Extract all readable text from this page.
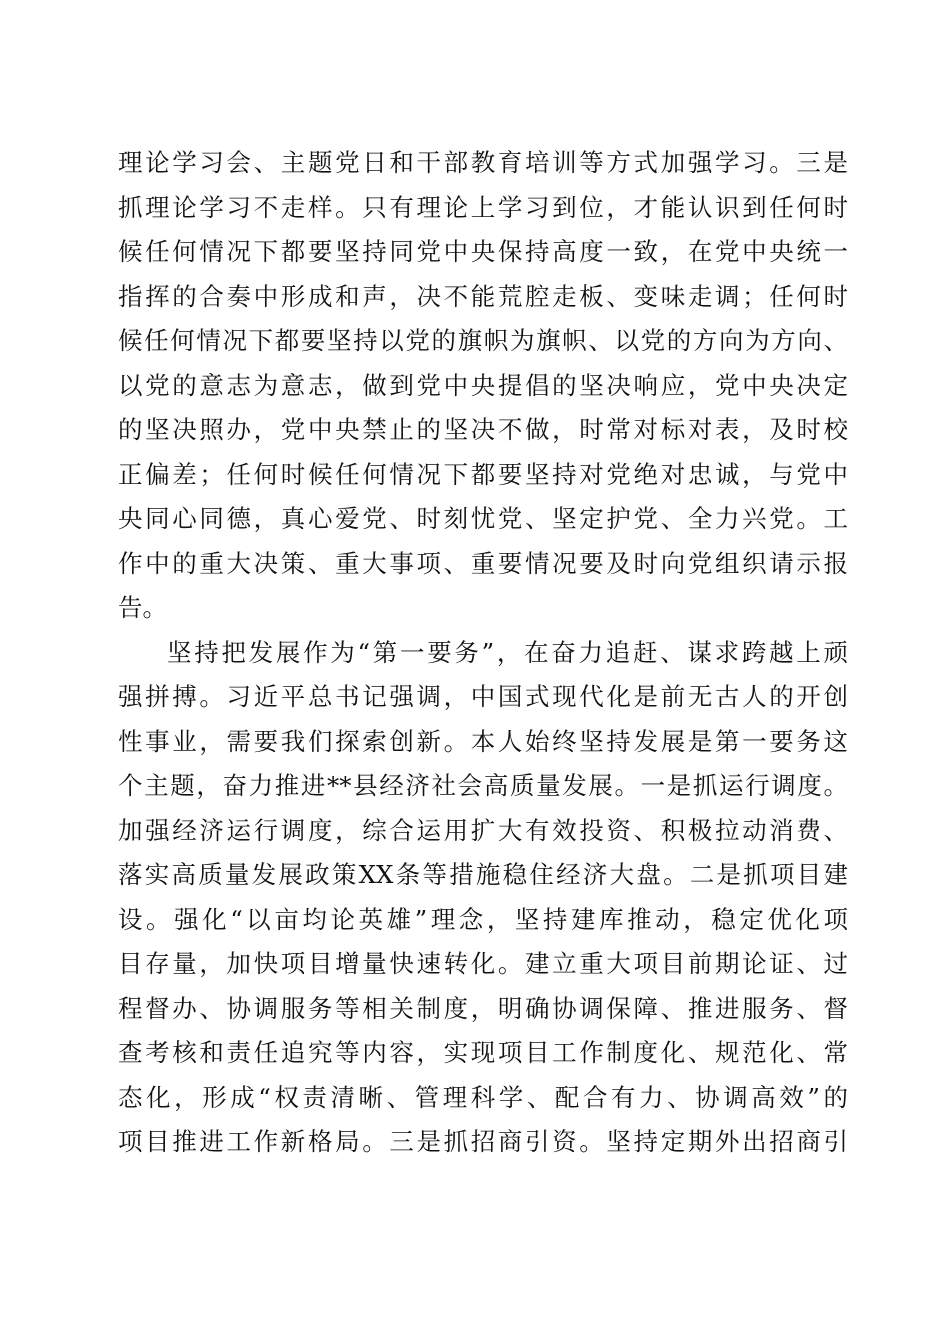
理论学习会、主题党日和干部教育培训等方式加强学习。三是
抓理论学习不走样。只有理论上学习到位，才能认识到任何时
候任何情况下都要坚持同党中央保持高度一致，在党中央统一
指挥的合奏中形成和声，决不能荒腔走板、变味走调；任何时
候任何情况下都要坚持以党的旗帜为旗帜、以党的方向为方向、
以党的意志为意志，做到党中央提倡的坚决响应，党中央决定
的坚决照办，党中央禁止的坚决不做，时常对标对表，及时校
正偏差；任何时候任何情况下都要坚持对党绝对忠诚，与党中
央同心同德，真心爱党、时刻忧党、坚定护党、全力兴党。工
作中的重大决策、重大事项、重要情况要及时向党组织请示报
告。
坚持把发展作为“第一要务”，在奋力追赶、谋求跨越上顽
强拼搏。习近平总书记强调，中国式现代化是前无古人的开创
性事业，需要我们探索创新。本人始终坚持发展是第一要务这
个主题，奋力推进**县经济社会高质量发展。一是抓运行调度。
加强经济运行调度，综合运用扩大有效投资、积极拉动消费、
落实高质量发展政策XX条等措施稳住经济大盘。二是抓项目建
设。强化“以亩均论英雄”理念，坚持建库推动，稳定优化项
目存量，加快项目增量快速转化。建立重大项目前期论证、过
程督办、协调服务等相关制度，明确协调保障、推进服务、督
查考核和责任追究等内容，实现项目工作制度化、规范化、常
态化，形成“权责清晰、管理科学、配合有力、协调高效”的
项目推进工作新格局。三是抓招商引资。坚持定期外出招商引
